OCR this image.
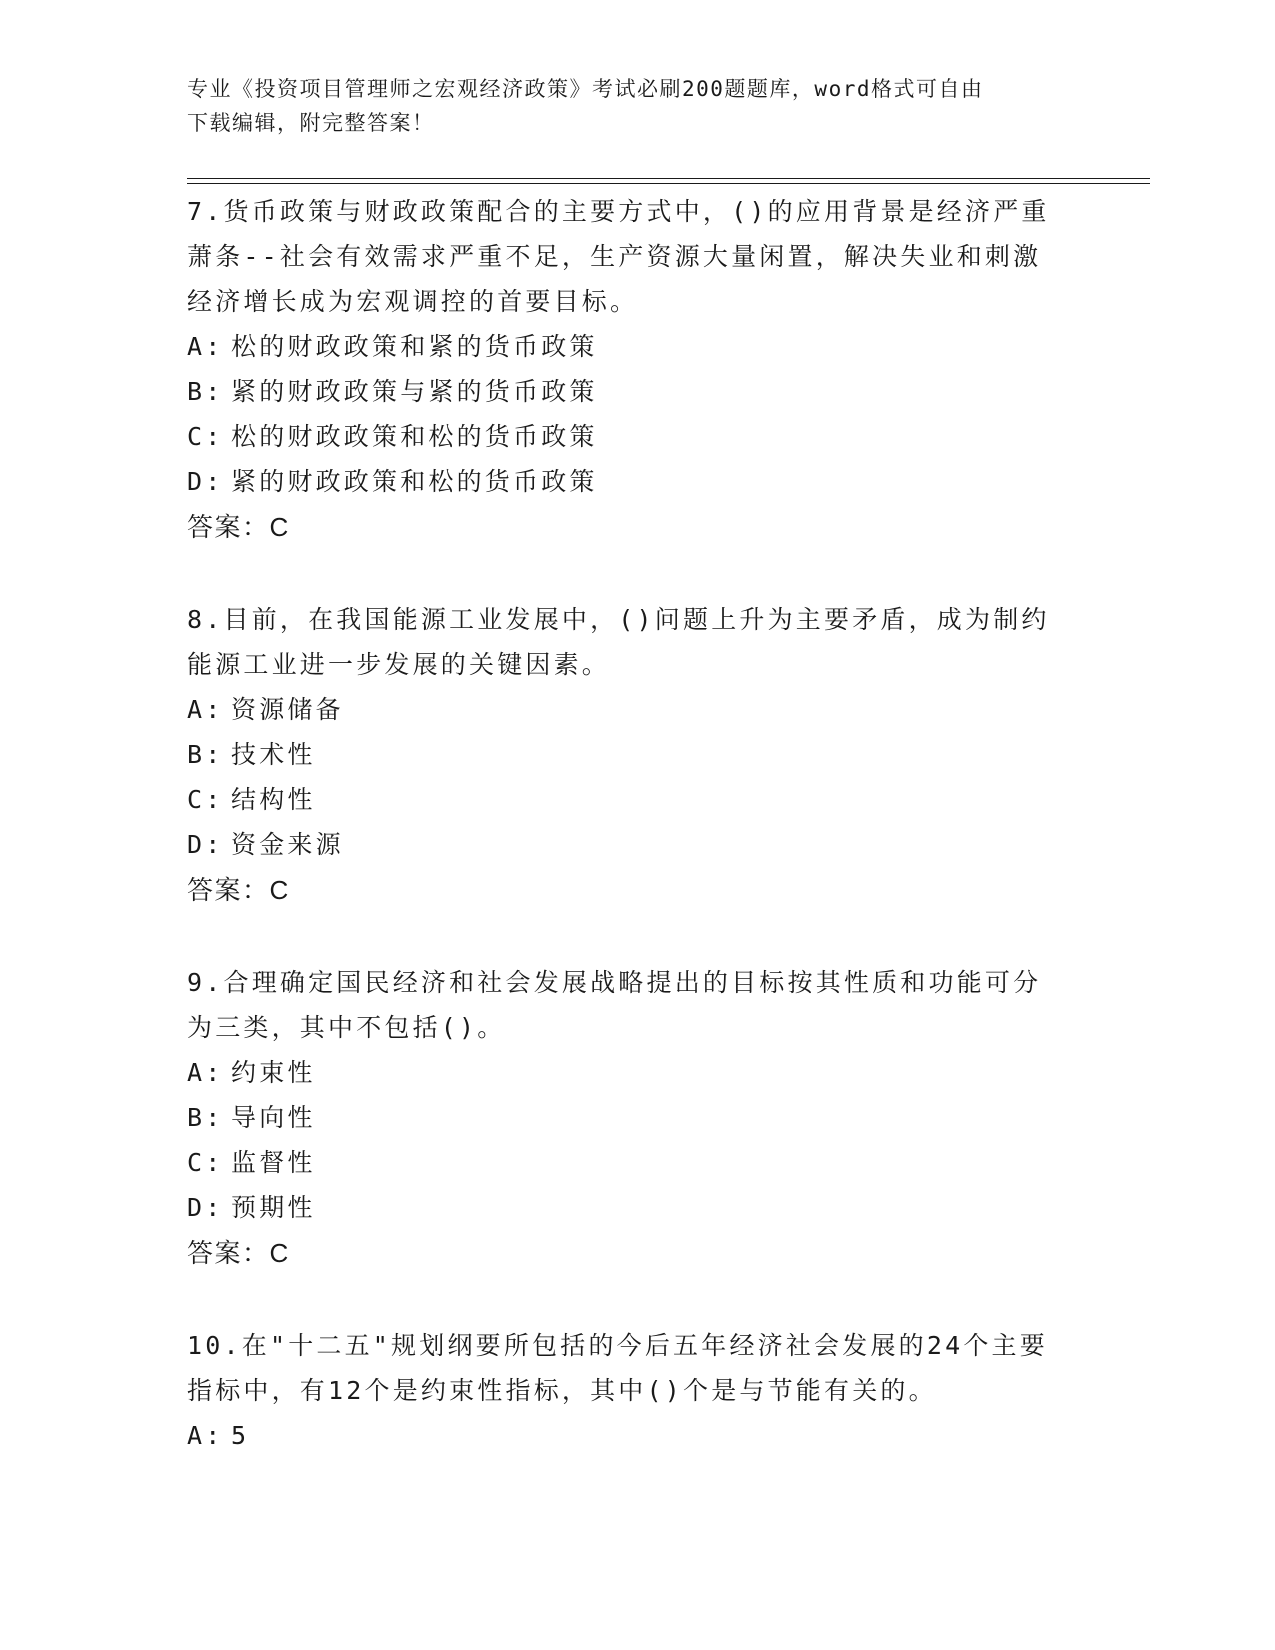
专业《投资项目管理师之宏观经济政策》考试必刷200题题库，word格式可自由
下载编辑，附完整答案！

7.货币政策与财政政策配合的主要方式中，()的应用背景是经济严重萧条--社会有效需求严重不足，生产资源大量闲置，解决失业和刺激经济增长成为宏观调控的首要目标。

A: 松的财政政策和紧的货币政策

B: 紧的财政政策与紧的货币政策

C: 松的财政政策和松的货币政策

D: 紧的财政政策和松的货币政策

答案：C

8.目前，在我国能源工业发展中，()问题上升为主要矛盾，成为制约能源工业进一步发展的关键因素。

A: 资源储备

B: 技术性

C: 结构性

D: 资金来源

答案：C

9.合理确定国民经济和社会发展战略提出的目标按其性质和功能可分为三类，其中不包括()。

A: 约束性

B: 导向性

C: 监督性

D: 预期性

答案：C

10.在"十二五"规划纲要所包括的今后五年经济社会发展的24个主要指标中，有12个是约束性指标，其中()个是与节能有关的。

A: 5
